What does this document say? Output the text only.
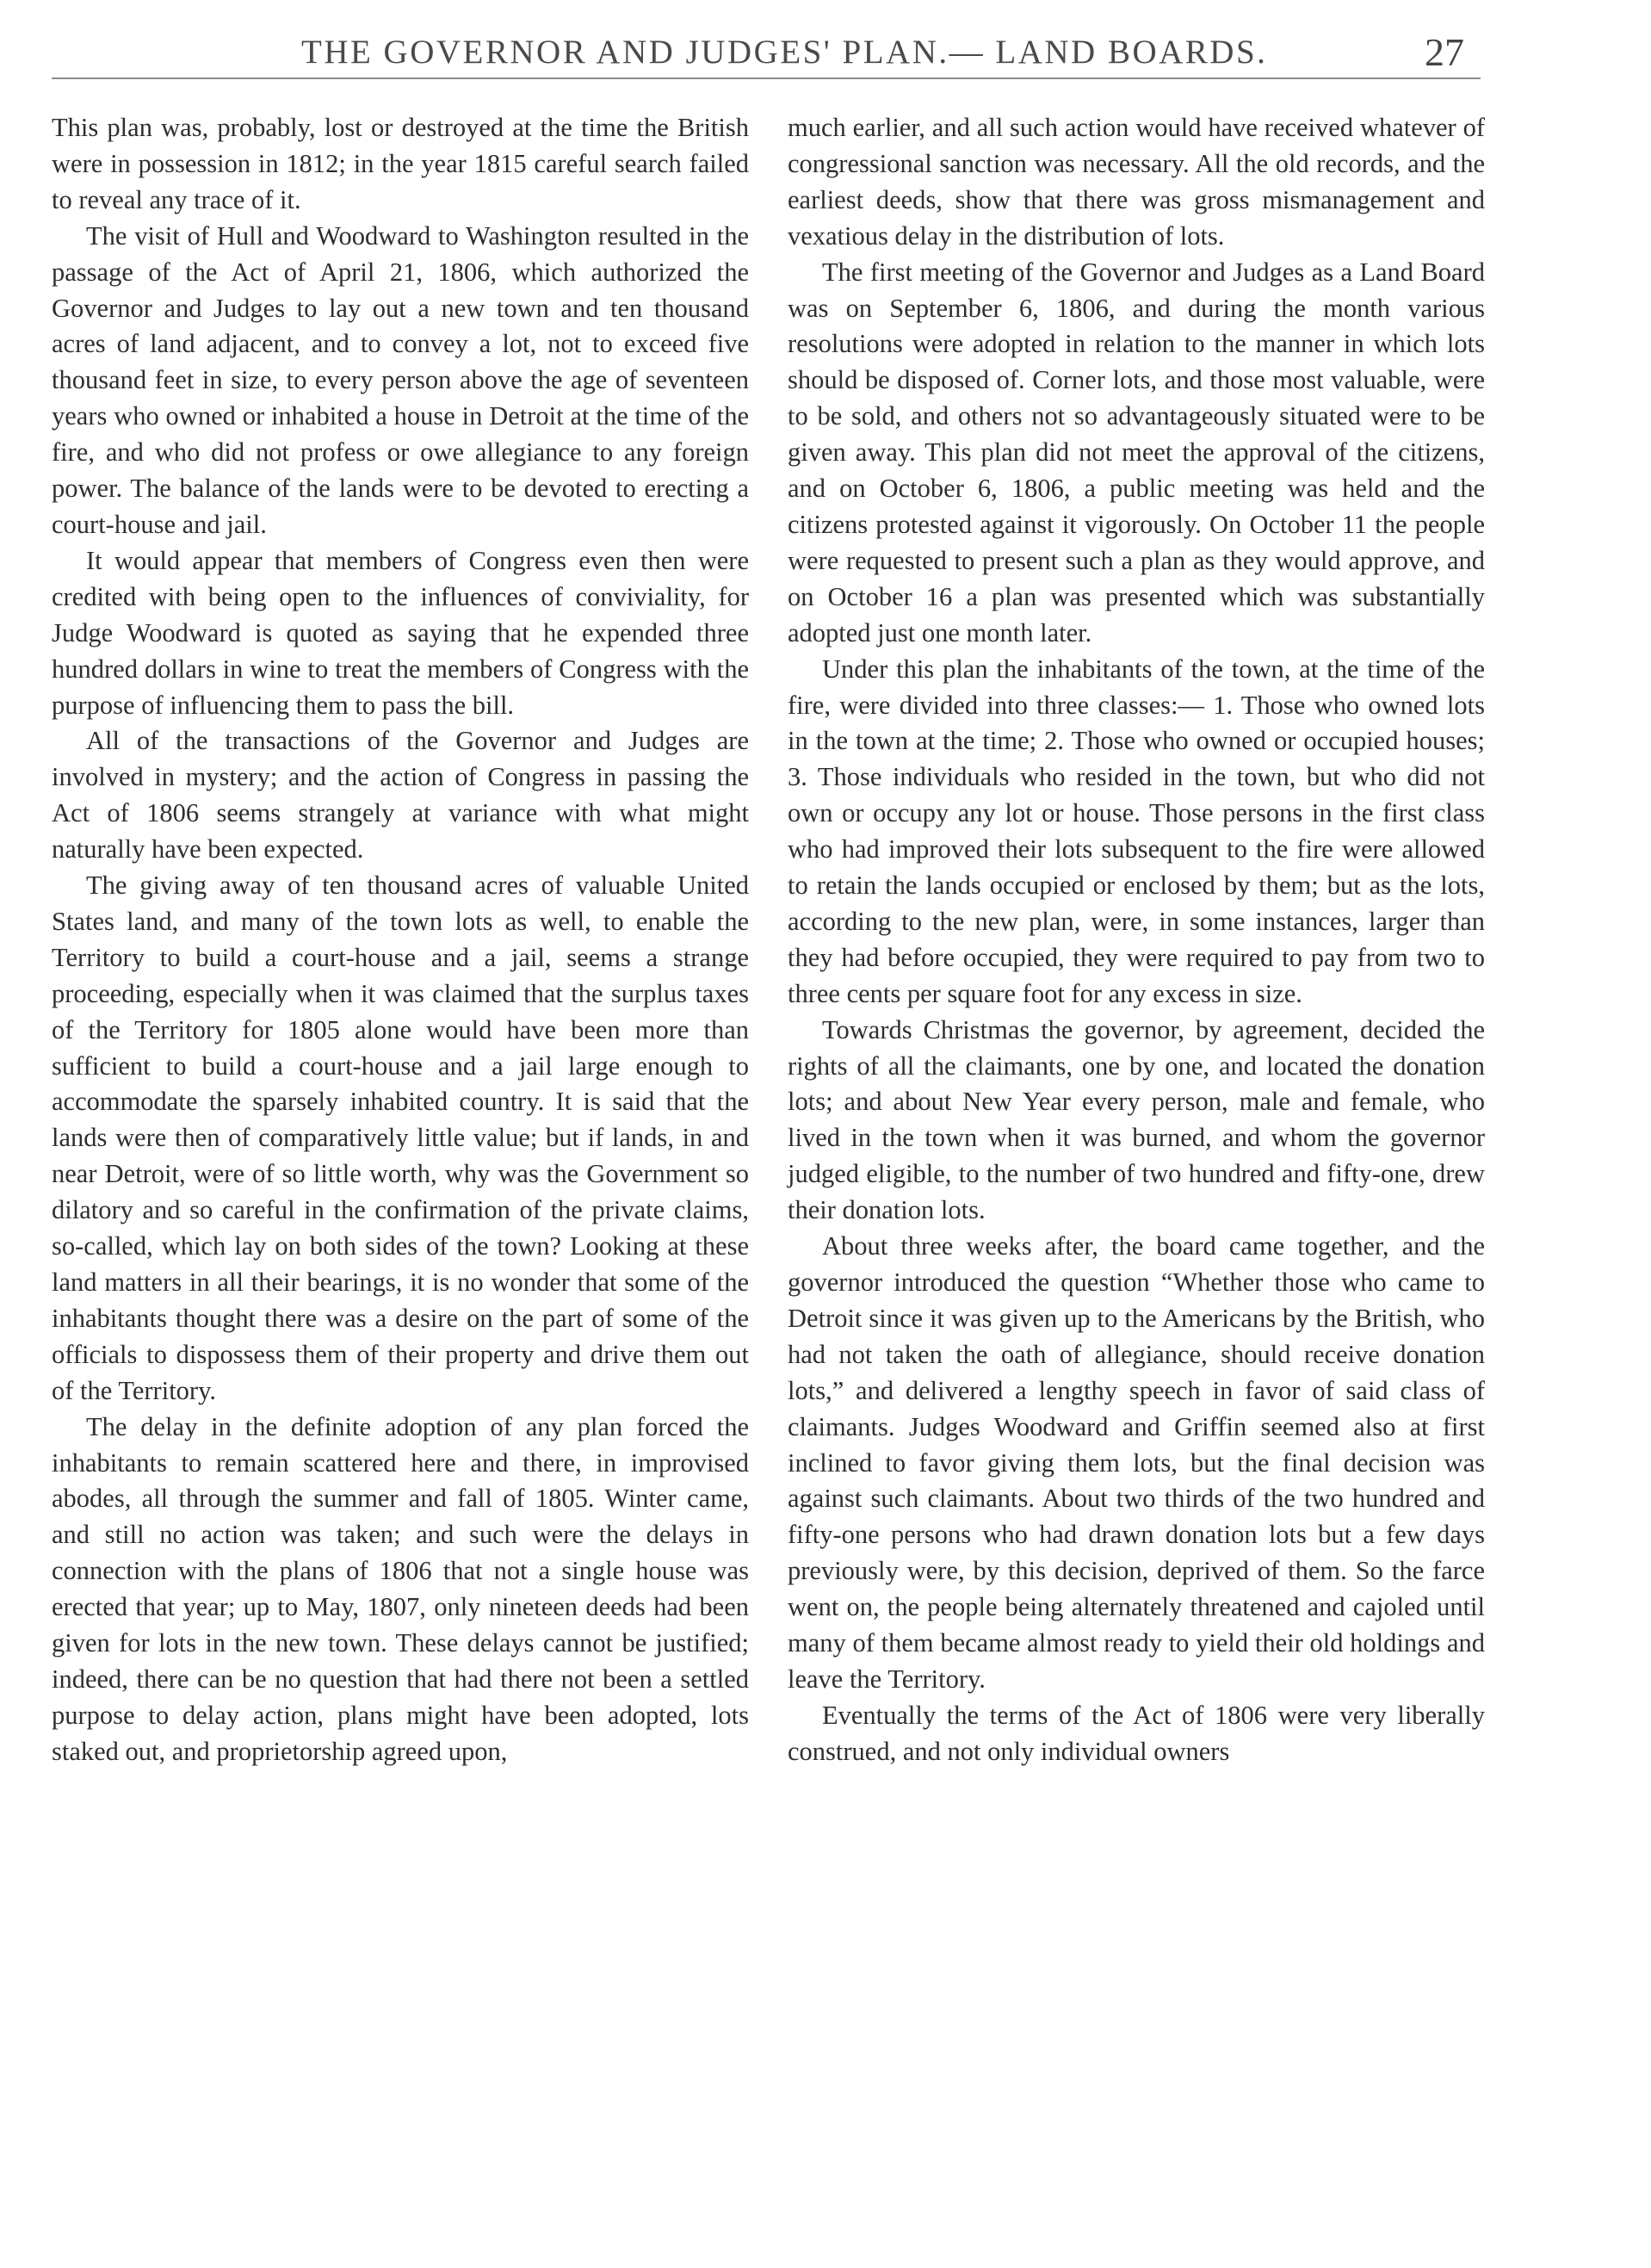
THE GOVERNOR AND JUDGES' PLAN.— LAND BOARDS.	27

This plan was, probably, lost or destroyed at the time the British were in possession in 1812; in the year 1815 careful search failed to reveal any trace of it.

The visit of Hull and Woodward to Washington resulted in the passage of the Act of April 21, 1806, which authorized the Governor and Judges to lay out a new town and ten thousand acres of land adjacent, and to convey a lot, not to exceed five thousand feet in size, to every person above the age of seventeen years who owned or inhabited a house in Detroit at the time of the fire, and who did not profess or owe allegiance to any foreign power. The balance of the lands were to be devoted to erecting a court-house and jail.

It would appear that members of Congress even then were credited with being open to the influences of conviviality, for Judge Woodward is quoted as saying that he expended three hundred dollars in wine to treat the members of Congress with the purpose of influencing them to pass the bill.

All of the transactions of the Governor and Judges are involved in mystery; and the action of Congress in passing the Act of 1806 seems strangely at variance with what might naturally have been expected.

The giving away of ten thousand acres of valuable United States land, and many of the town lots as well, to enable the Territory to build a court-house and a jail, seems a strange proceeding, especially when it was claimed that the surplus taxes of the Territory for 1805 alone would have been more than sufficient to build a court-house and a jail large enough to accommodate the sparsely inhabited country. It is said that the lands were then of comparatively little value; but if lands, in and near Detroit, were of so little worth, why was the Government so dilatory and so careful in the confirmation of the private claims, so-called, which lay on both sides of the town? Looking at these land matters in all their bearings, it is no wonder that some of the inhabitants thought there was a desire on the part of some of the officials to dispossess them of their property and drive them out of the Territory.

The delay in the definite adoption of any plan forced the inhabitants to remain scattered here and there, in improvised abodes, all through the summer and fall of 1805. Winter came, and still no action was taken; and such were the delays in connection with the plans of 1806 that not a single house was erected that year; up to May, 1807, only nineteen deeds had been given for lots in the new town. These delays cannot be justified; indeed, there can be no question that had there not been a settled purpose to delay action, plans might have been adopted, lots staked out, and proprietorship agreed upon,

much earlier, and all such action would have received whatever of congressional sanction was necessary. All the old records, and the earliest deeds, show that there was gross mismanagement and vexatious delay in the distribution of lots.

The first meeting of the Governor and Judges as a Land Board was on September 6, 1806, and during the month various resolutions were adopted in relation to the manner in which lots should be disposed of. Corner lots, and those most valuable, were to be sold, and others not so advantageously situated were to be given away. This plan did not meet the approval of the citizens, and on October 6, 1806, a public meeting was held and the citizens protested against it vigorously. On October 11 the people were requested to present such a plan as they would approve, and on October 16 a plan was presented which was substantially adopted just one month later.

Under this plan the inhabitants of the town, at the time of the fire, were divided into three classes:— 1. Those who owned lots in the town at the time; 2. Those who owned or occupied houses; 3. Those individuals who resided in the town, but who did not own or occupy any lot or house. Those persons in the first class who had improved their lots subsequent to the fire were allowed to retain the lands occupied or enclosed by them; but as the lots, according to the new plan, were, in some instances, larger than they had before occupied, they were required to pay from two to three cents per square foot for any excess in size.

Towards Christmas the governor, by agreement, decided the rights of all the claimants, one by one, and located the donation lots; and about New Year every person, male and female, who lived in the town when it was burned, and whom the governor judged eligible, to the number of two hundred and fifty-one, drew their donation lots.

About three weeks after, the board came together, and the governor introduced the question “Whether those who came to Detroit since it was given up to the Americans by the British, who had not taken the oath of allegiance, should receive donation lots,” and delivered a lengthy speech in favor of said class of claimants. Judges Woodward and Griffin seemed also at first inclined to favor giving them lots, but the final decision was against such claimants. About two thirds of the two hundred and fifty-one persons who had drawn donation lots but a few days previously were, by this decision, deprived of them. So the farce went on, the people being alternately threatened and cajoled until many of them became almost ready to yield their old holdings and leave the Territory.

Eventually the terms of the Act of 1806 were very liberally construed, and not only individual owners
